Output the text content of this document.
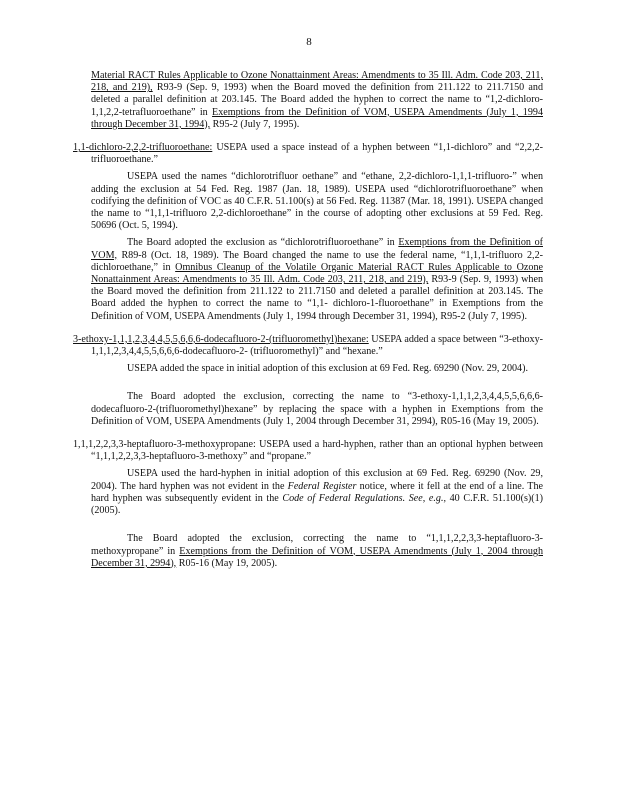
8

Material RACT Rules Applicable to Ozone Nonattainment Areas: Amendments to 35 Ill. Adm. Code 203, 211, 218, and 219), R93-9 (Sep. 9, 1993) when the Board moved the definition from 211.122 to 211.7150 and deleted a parallel definition at 203.145. The Board added the hyphen to correct the name to “1,2-dichloro-1,1,2,2-tetrafluoroethane” in Exemptions from the Definition of VOM, USEPA Amendments (July 1, 1994 through December 31, 1994), R95-2 (July 7, 1995).

1,1-dichloro-2,2,2-trifluoroethane: USEPA used a space instead of a hyphen between “1,1-dichloro” and “2,2,2- trifluoroethane.”

USEPA used the names “dichlorotrifluor oethane” and “ethane, 2,2-dichloro-1,1,1-trifluoro-” when adding the exclusion at 54 Fed. Reg. 1987 (Jan. 18, 1989). USEPA used “dichlorotrifluoroethane” when codifying the definition of VOC as 40 C.F.R. 51.100(s) at 56 Fed. Reg. 11387 (Mar. 18, 1991). USEPA changed the name to “1,1,1-trifluoro 2,2-dichloroethane” in the course of adopting other exclusions at 59 Fed. Reg. 50696 (Oct. 5, 1994).

The Board adopted the exclusion as “dichlorotrifluoroethane” in Exemptions from the Definition of VOM, R89-8 (Oct. 18, 1989). The Board changed the name to use the federal name, “1,1,1-trifluoro 2,2-dichloroethane,” in Omnibus Cleanup of the Volatile Organic Material RACT Rules Applicable to Ozone Nonattainment Areas: Amendments to 35 Ill. Adm. Code 203, 211, 218, and 219), R93-9 (Sep. 9, 1993) when the Board moved the definition from 211.122 to 211.7150 and deleted a parallel definition at 203.145. The Board added the hyphen to correct the name to “1,1- dichloro-1-fluoroethane” in Exemptions from the Definition of VOM, USEPA Amendments (July 1, 1994 through December 31, 1994), R95-2 (July 7, 1995).

3-ethoxy-1,1,1,2,3,4,4,5,5,6,6,6-dodecafluoro-2-(trifluoromethyl)hexane: USEPA added a space between “3-ethoxy-1,1,1,2,3,4,4,5,5,6,6,6-dodecafluoro-2- (trifluoromethyl)” and “hexane.”

USEPA added the space in initial adoption of this exclusion at 69 Fed. Reg. 69290 (Nov. 29, 2004).

The Board adopted the exclusion, correcting the name to “3-ethoxy-1,1,1,2,3,4,4,5,5,6,6,6-dodecafluoro-2-(trifluoromethyl)hexane” by replacing the space with a hyphen in Exemptions from the Definition of VOM, USEPA Amendments (July 1, 2004 through December 31, 2994), R05-16 (May 19, 2005).

1,1,1,2,2,3,3-heptafluoro-3-methoxypropane: USEPA used a hard-hyphen, rather than an optional hyphen between “1,1,1,2,2,3,3-heptafluoro-3-methoxy” and “propane.”

USEPA used the hard-hyphen in initial adoption of this exclusion at 69 Fed. Reg. 69290 (Nov. 29, 2004). The hard hyphen was not evident in the Federal Register notice, where it fell at the end of a line. The hard hyphen was subsequently evident in the Code of Federal Regulations. See, e.g., 40 C.F.R. 51.100(s)(1) (2005).

The Board adopted the exclusion, correcting the name to “1,1,1,2,2,3,3-heptafluoro-3-methoxypropane” in Exemptions from the Definition of VOM, USEPA Amendments (July 1, 2004 through December 31, 2994), R05-16 (May 19, 2005).
